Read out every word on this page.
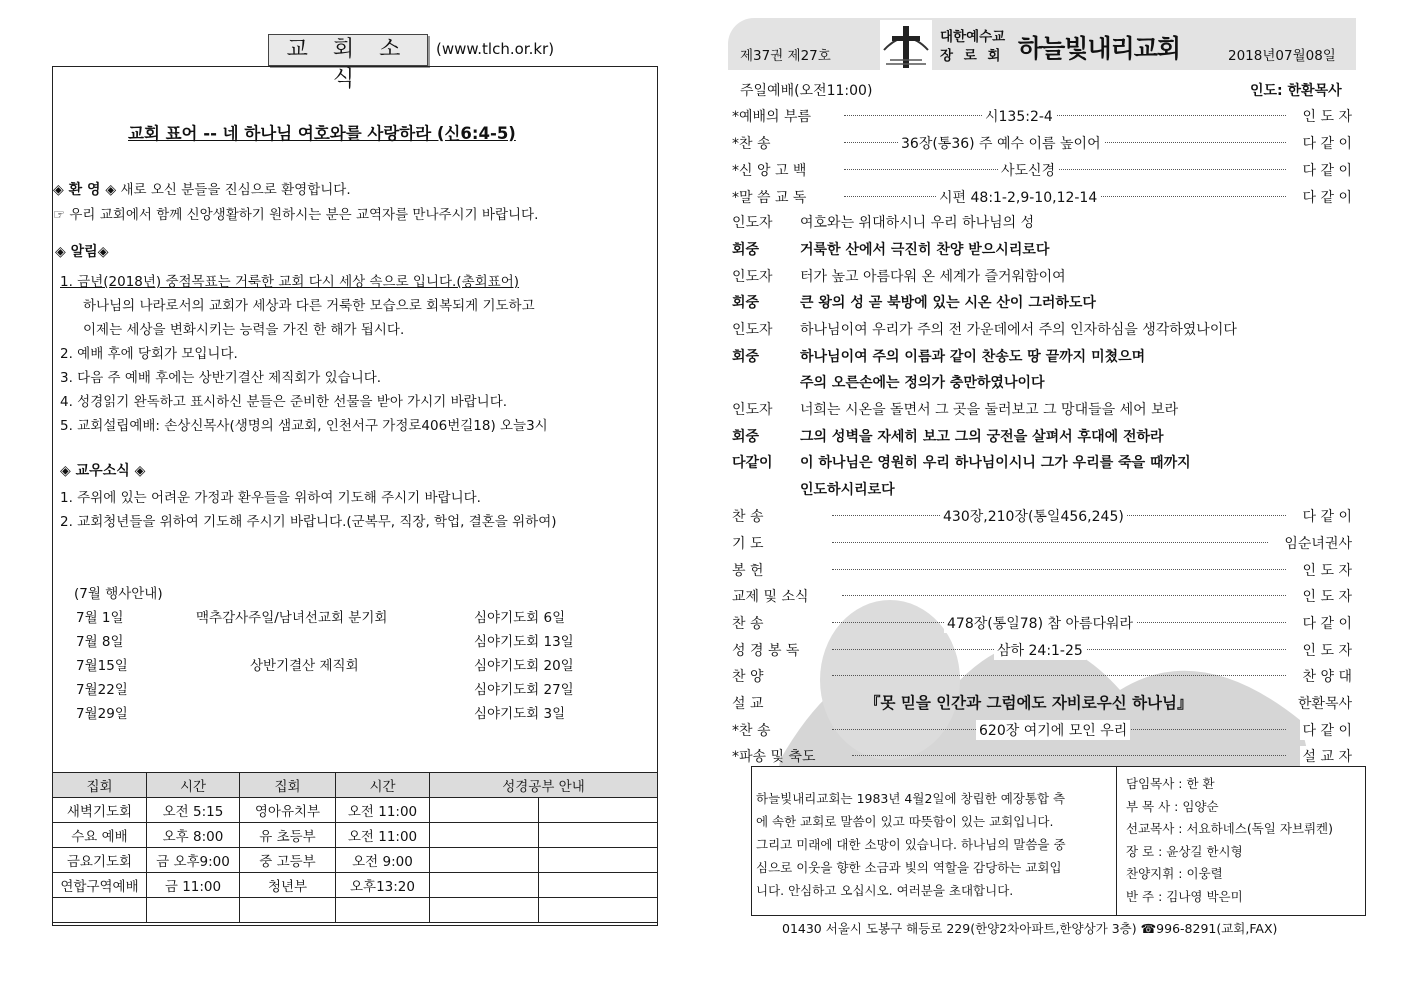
교 회 소 식
(www.tlch.or.kr)
교회 표어 -- 네 하나님 여호와를 사랑하라 (신6:4-5)
◈ 환 영 ◈ 새로 오신 분들을 진심으로 환영합니다.
☞ 우리 교회에서 함께 신앙생활하기 원하시는 분은 교역자를 만나주시기 바랍니다.
◈ 알림◈
1. 금년(2018년) 중점목표는 거룩한 교회 다시 세상 속으로 입니다.(총회표어)
하나님의 나라로서의 교회가 세상과 다른 거룩한 모습으로 회복되게 기도하고
이제는 세상을 변화시키는 능력을 가진 한 해가 됩시다.
2. 예배 후에 당회가 모입니다.
3. 다음 주 예배 후에는 상반기결산 제직회가 있습니다.
4. 성경읽기 완독하고 표시하신 분들은 준비한 선물을 받아 가시기 바랍니다.
5. 교회설립예배: 손상신목사(생명의 샘교회, 인천서구 가정로406번길18) 오늘3시
◈ 교우소식 ◈
1. 주위에 있는 어려운 가정과 환우들을 위하여 기도해 주시기 바랍니다.
2. 교회청년들을 위하여 기도해 주시기 바랍니다.(군복무, 직장, 학업, 결혼을 위하여)
(7월 행사안내)
7월 1일	맥추감사주일/남녀선교회 분기회	심야기도회 6일
7월 8일	심야기도회 13일
7월15일	상반기결산 제직회	심야기도회 20일
7월22일	심야기도회 27일
7월29일	심야기도회 3일
집회	시간	집회	시간	성경공부 안내	
새벽기도회	오전 5:15	영아유치부	오전 11:00		
수요 예배	오후 8:00	유 초등부	오전 11:00		
금요기도회	금 오후9:00	중 고등부	오전 9:00		
연합구역예배	금 11:00	청년부	오후13:20		

제37권 제27호
대한예수교
장 로 회 하늘빛내리교회	2018년07월08일
주일예배(오전11:00)	인도: 한환목사
*예배의 부름	시135:2-4	인 도 자
*찬 송	36장(통36) 주 예수 이름 높이어	다 같 이
*신 앙 고 백	사도신경	다 같 이
*말 씀 교 독	시편 48:1-2,9-10,12-14	다 같 이
인도자 여호와는 위대하시니 우리 하나님의 성
회중	거룩한 산에서 극진히 찬양 받으시리로다
인도자 터가 높고 아름다워 온 세계가 즐거워함이여
회중	큰 왕의 성 곧 북방에 있는 시온 산이 그러하도다
인도자 하나님이여 우리가 주의 전 가운데에서 주의 인자하심을 생각하였나이다
회중	하나님이여 주의 이름과 같이 찬송도 땅 끝까지 미쳤으며
주의 오른손에는 정의가 충만하였나이다
인도자 너희는 시온을 돌면서 그 곳을 둘러보고 그 망대들을 세어 보라
회중	그의 성벽을 자세히 보고 그의 궁전을 살펴서 후대에 전하라
다같이 이 하나님은 영원히 우리 하나님이시니 그가 우리를 죽을 때까지
인도하시리로다
찬 송	430장,210장(통일456,245)	다 같 이
기 도	임순녀권사
봉 헌	인 도 자
교제 및 소식	인 도 자
찬 송	478장(통일78) 참 아름다워라	다 같 이
성 경 봉 독	삼하 24:1-25	인 도 자
찬 양	찬 양 대
설 교	『못 믿을 인간과 그럼에도 자비로우신 하나님』	한환목사
*찬 송	620장 여기에 모인 우리	다 같 이
*파송 및 축도	설 교 자
하늘빛내리교회는 1983년 4월2일에 창립한 예장통합 측
에 속한 교회로 말씀이 있고 따뜻함이 있는 교회입니다.
그리고 미래에 대한 소망이 있습니다. 하나님의 말씀을 중
심으로 이웃을 향한 소금과 빛의 역할을 감당하는 교회입
니다. 안심하고 오십시오. 여러분을 초대합니다.
담임목사 : 한 환
부 목 사 : 임양순
선교목사 : 서요하네스(독일 자브뤼켄)
장 로 : 윤상길 한시형
찬양지휘 : 이웅렬
반 주 : 김나영 박은미
01430 서울시 도봉구 해등로 229(한양2차아파트,한양상가 3층) ☎996-8291(교회,FAX)
